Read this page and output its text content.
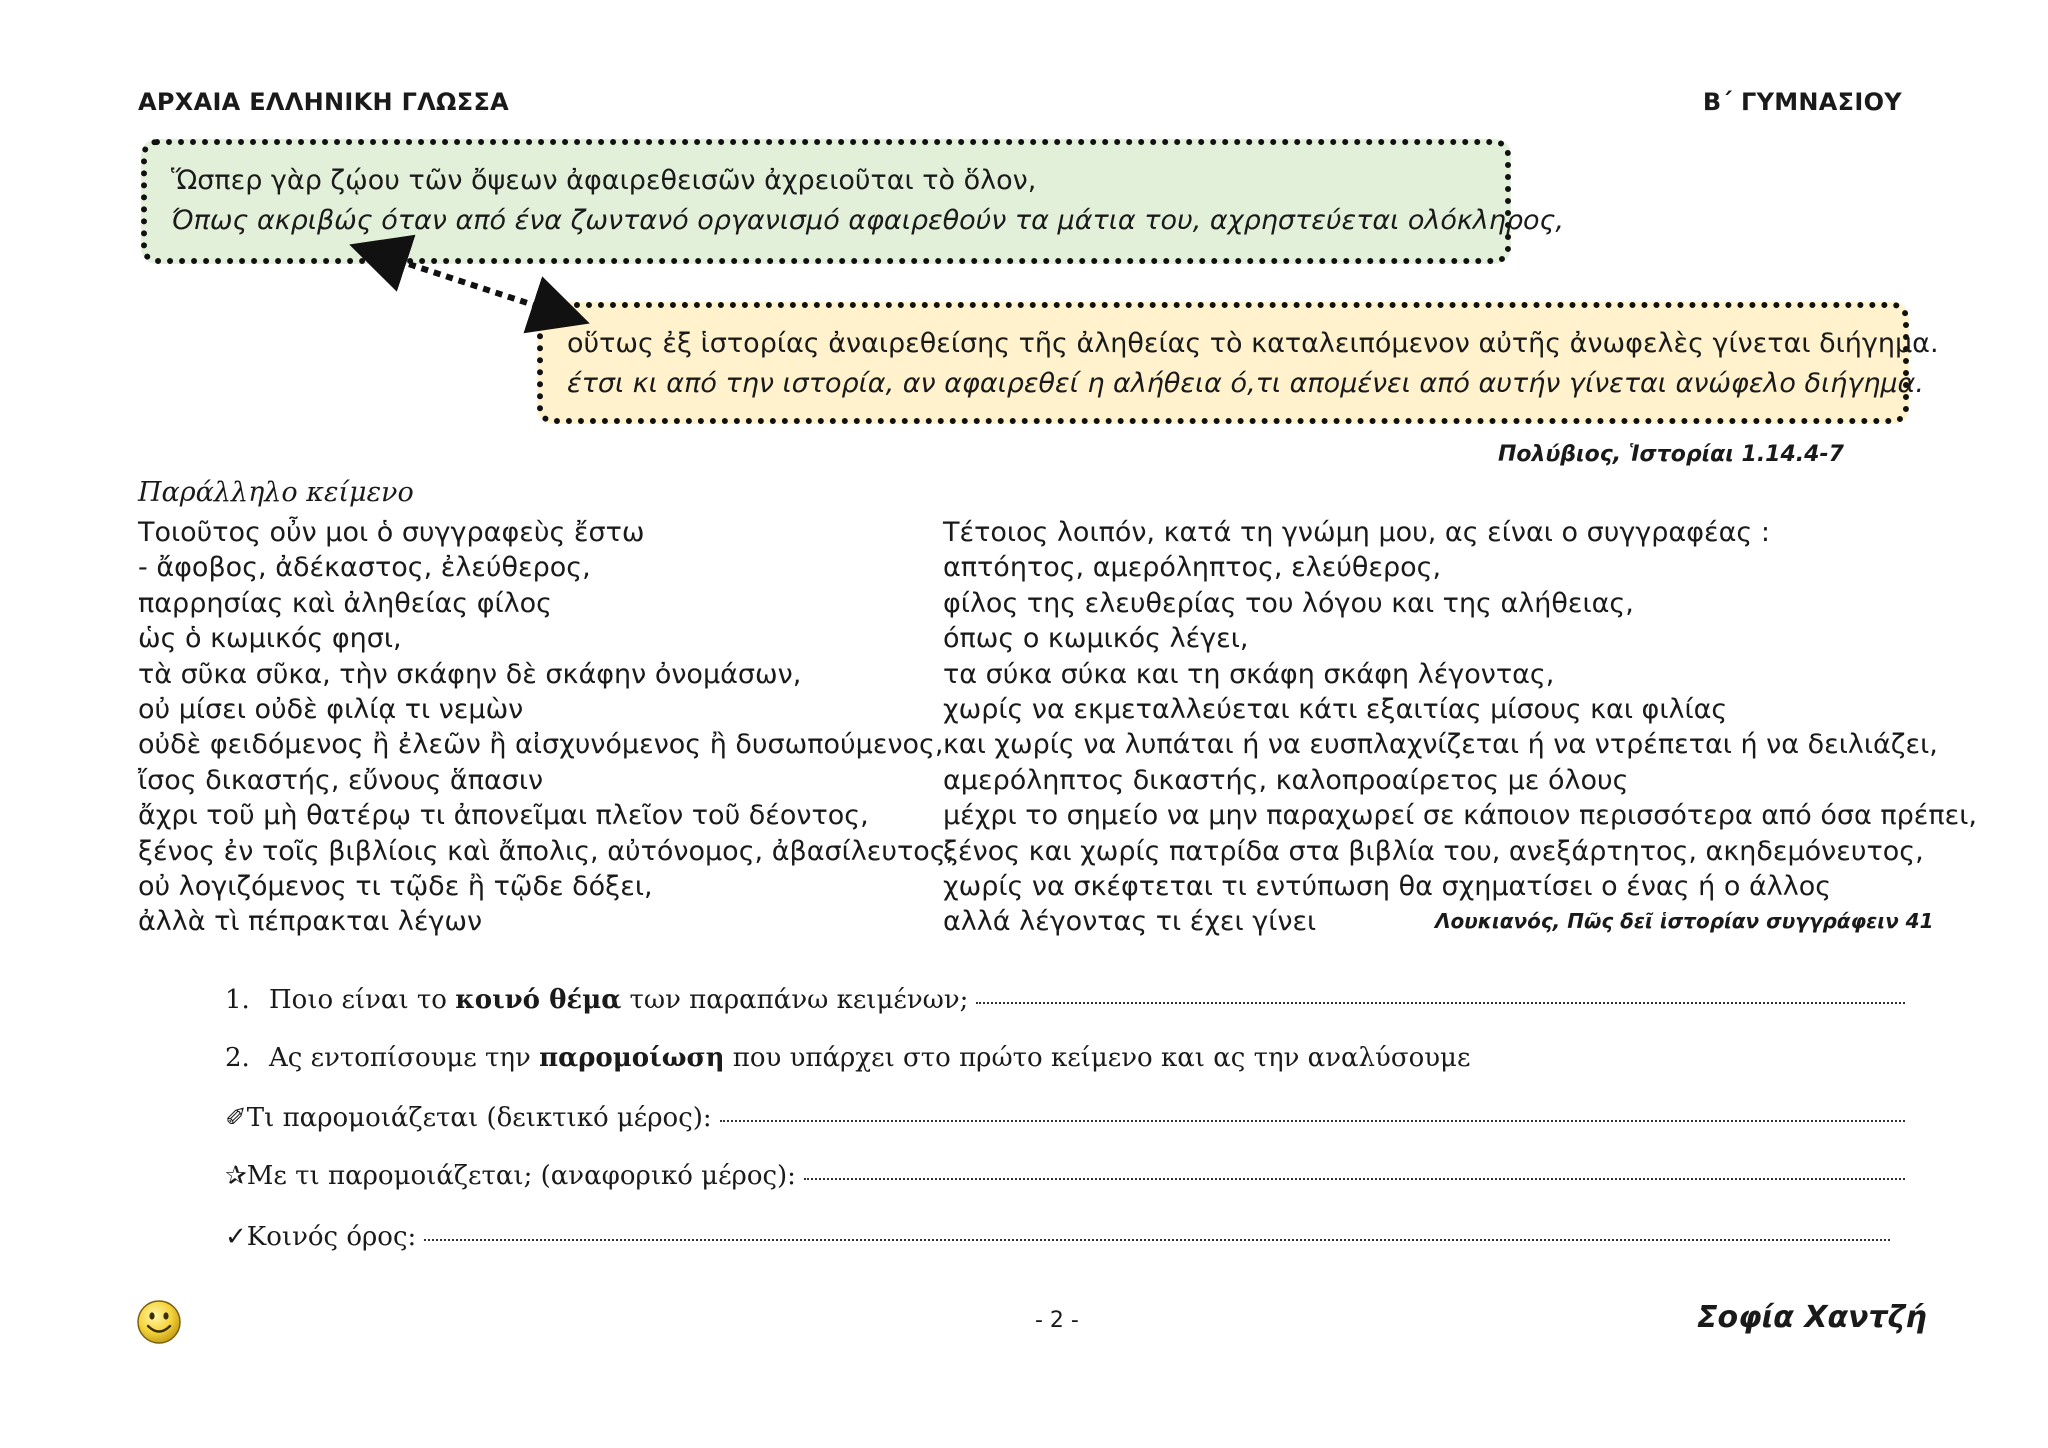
ΑΡΧΑΙΑ ΕΛΛΗΝΙΚΗ ΓΛΩΣΣΑ	Β΄ ΓΥΜΝΑΣΙΟΥ
Ὥσπερ γὰρ ζῴου τῶν ὄψεων ἀφαιρεθεισῶν ἀχρειοῦται τὸ ὅλον,
Όπως ακριβώς όταν από ένα ζωντανό οργανισμό αφαιρεθούν τα μάτια του, αχρηστεύεται ολόκληρος,
οὕτως ἐξ ἱστορίας ἀναιρεθείσης τῆς ἀληθείας τὸ καταλειπόμενον αὐτῆς ἀνωφελὲς γίνεται διήγημα.
έτσι κι από την ιστορία, αν αφαιρεθεί η αλήθεια ό,τι απομένει από αυτήν γίνεται ανώφελο διήγημα.
Πολύβιος, Ἱστορίαι 1.14.4-7
Παράλληλο κείμενο
Τοιοῦτος οὖν μοι ὁ συγγραφεὺς ἔστω
- ἄφοβος, ἀδέκαστος, ἐλεύθερος,
παρρησίας καὶ ἀληθείας φίλος
ὡς ὁ κωμικός φησι,
τὰ σῦκα σῦκα, τὴν σκάφην δὲ σκάφην ὀνομάσων,
οὐ μίσει οὐδὲ φιλίᾳ τι νεμὼν
οὐδὲ φειδόμενος ἢ ἐλεῶν ἢ αἰσχυνόμενος ἢ δυσωπούμενος,
ἴσος δικαστής, εὔνους ἅπασιν
ἄχρι τοῦ μὴ θατέρῳ τι ἀπονεῖμαι πλεῖον τοῦ δέοντος,
ξένος ἐν τοῖς βιβλίοις καὶ ἄπολις, αὐτόνομος, ἀβασίλευτος,
οὐ λογιζόμενος τι τῷδε ἢ τῷδε δόξει,
ἀλλὰ τὶ πέπρακται λέγων
Τέτοιος λοιπόν, κατά τη γνώμη μου, ας είναι ο συγγραφέας :
απτόητος, αμερόληπτος, ελεύθερος,
φίλος της ελευθερίας του λόγου και της αλήθειας,
όπως ο κωμικός λέγει,
τα σύκα σύκα και τη σκάφη σκάφη λέγοντας,
χωρίς να εκμεταλλεύεται κάτι εξαιτίας μίσους και φιλίας
και χωρίς να λυπάται ή να ευσπλαχνίζεται ή να ντρέπεται ή να δειλιάζει,
αμερόληπτος δικαστής, καλοπροαίρετος με όλους
μέχρι το σημείο να μην παραχωρεί σε κάποιον περισσότερα από όσα πρέπει,
ξένος και χωρίς πατρίδα στα βιβλία του, ανεξάρτητος, ακηδεμόνευτος,
χωρίς να σκέφτεται τι εντύπωση θα σχηματίσει ο ένας ή ο άλλος
αλλά λέγοντας τι έχει γίνει	Λουκιανός, Πῶς δεῖ ἱστορίαν συγγράφειν 41
1. Ποιο είναι το
κοινό θέμα
των παραπάνω κειμένων;
2. Ας εντοπίσουμε την
παρομοίωση
που υπάρχει στο πρώτο κείμενο και ας την αναλύσουμε
✐ Τι παρομοιάζεται (δεικτικό μέρος):
✰ Με τι παρομοιάζεται; (αναφορικό μέρος):
✓ Κοινός όρος:
- 2 -	Σοφία Χαντζή
